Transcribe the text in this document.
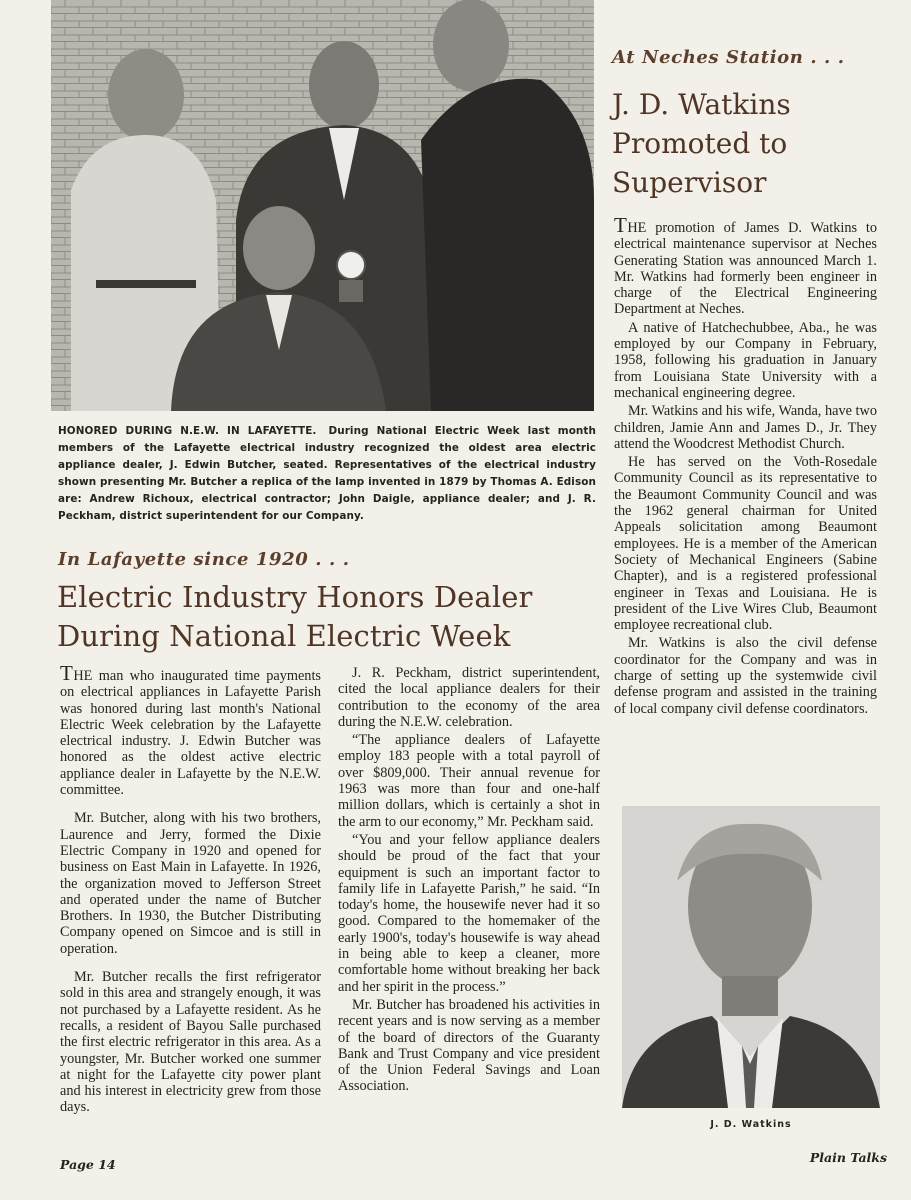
HONORED DURING N.E.W. IN LAFAYETTE. During National Electric Week last month members of the Lafayette electrical industry recognized the oldest area electric appliance dealer, J. Edwin Butcher, seated. Representatives of the electrical industry shown presenting Mr. Butcher a replica of the lamp invented in 1879 by Thomas A. Edison are: Andrew Richoux, electrical contractor; John Daigle, appliance dealer; and J. R. Peckham, district superintendent for our Company.
In Lafayette since 1920 . . .
Electric Industry Honors Dealer
During National Electric Week

THE man who inaugurated time payments on electrical appliances in Lafayette Parish was honored during last month's National Electric Week celebration by the Lafayette electrical industry. J. Edwin Butcher was honored as the oldest active electric appliance dealer in Lafayette by the N.E.W. committee.

Mr. Butcher, along with his two brothers, Laurence and Jerry, formed the Dixie Electric Company in 1920 and opened for business on East Main in Lafayette. In 1926, the organization moved to Jefferson Street and operated under the name of Butcher Brothers. In 1930, the Butcher Distributing Company opened on Simcoe and is still in operation.

Mr. Butcher recalls the first refrigerator sold in this area and strangely enough, it was not purchased by a Lafayette resident. As he recalls, a resident of Bayou Salle purchased the first electric refrigerator in this area. As a youngster, Mr. Butcher worked one summer at night for the Lafayette city power plant and his interest in electricity grew from those days.

J. R. Peckham, district superintendent, cited the local appliance dealers for their contribution to the economy of the area during the N.E.W. celebration.

“The appliance dealers of Lafayette employ 183 people with a total payroll of over $809,000. Their annual revenue for 1963 was more than four and one-half million dollars, which is certainly a shot in the arm to our economy,” Mr. Peckham said.

“You and your fellow appliance dealers should be proud of the fact that your equipment is such an important factor to family life in Lafayette Parish,” he said. “In today's home, the housewife never had it so good. Compared to the homemaker of the early 1900's, today's housewife is way ahead in being able to keep a cleaner, more comfortable home without breaking her back and her spirit in the process.”

Mr. Butcher has broadened his activities in recent years and is now serving as a member of the board of directors of the Guaranty Bank and Trust Company and vice president of the Union Federal Savings and Loan Association.

At Neches Station . . .
J. D. Watkins
Promoted to
Supervisor

THE promotion of James D. Watkins to electrical maintenance supervisor at Neches Generating Station was announced March 1. Mr. Watkins had formerly been engineer in charge of the Electrical Engineering Department at Neches.

A native of Hatchechubbee, Aba., he was employed by our Company in February, 1958, following his graduation in January from Louisiana State University with a mechanical engineering degree.

Mr. Watkins and his wife, Wanda, have two children, Jamie Ann and James D., Jr. They attend the Woodcrest Methodist Church.

He has served on the Voth-Rosedale Community Council as its representative to the Beaumont Community Council and was the 1962 general chairman for United Appeals solicitation among Beaumont employees. He is a member of the American Society of Mechanical Engineers (Sabine Chapter), and is a registered professional engineer in Texas and Louisiana. He is president of the Live Wires Club, Beaumont employee recreational club.

Mr. Watkins is also the civil defense coordinator for the Company and was in charge of setting up the systemwide civil defense program and assisted in the training of local company civil defense coordinators.

J. D. Watkins
Page 14	Plain Talks
